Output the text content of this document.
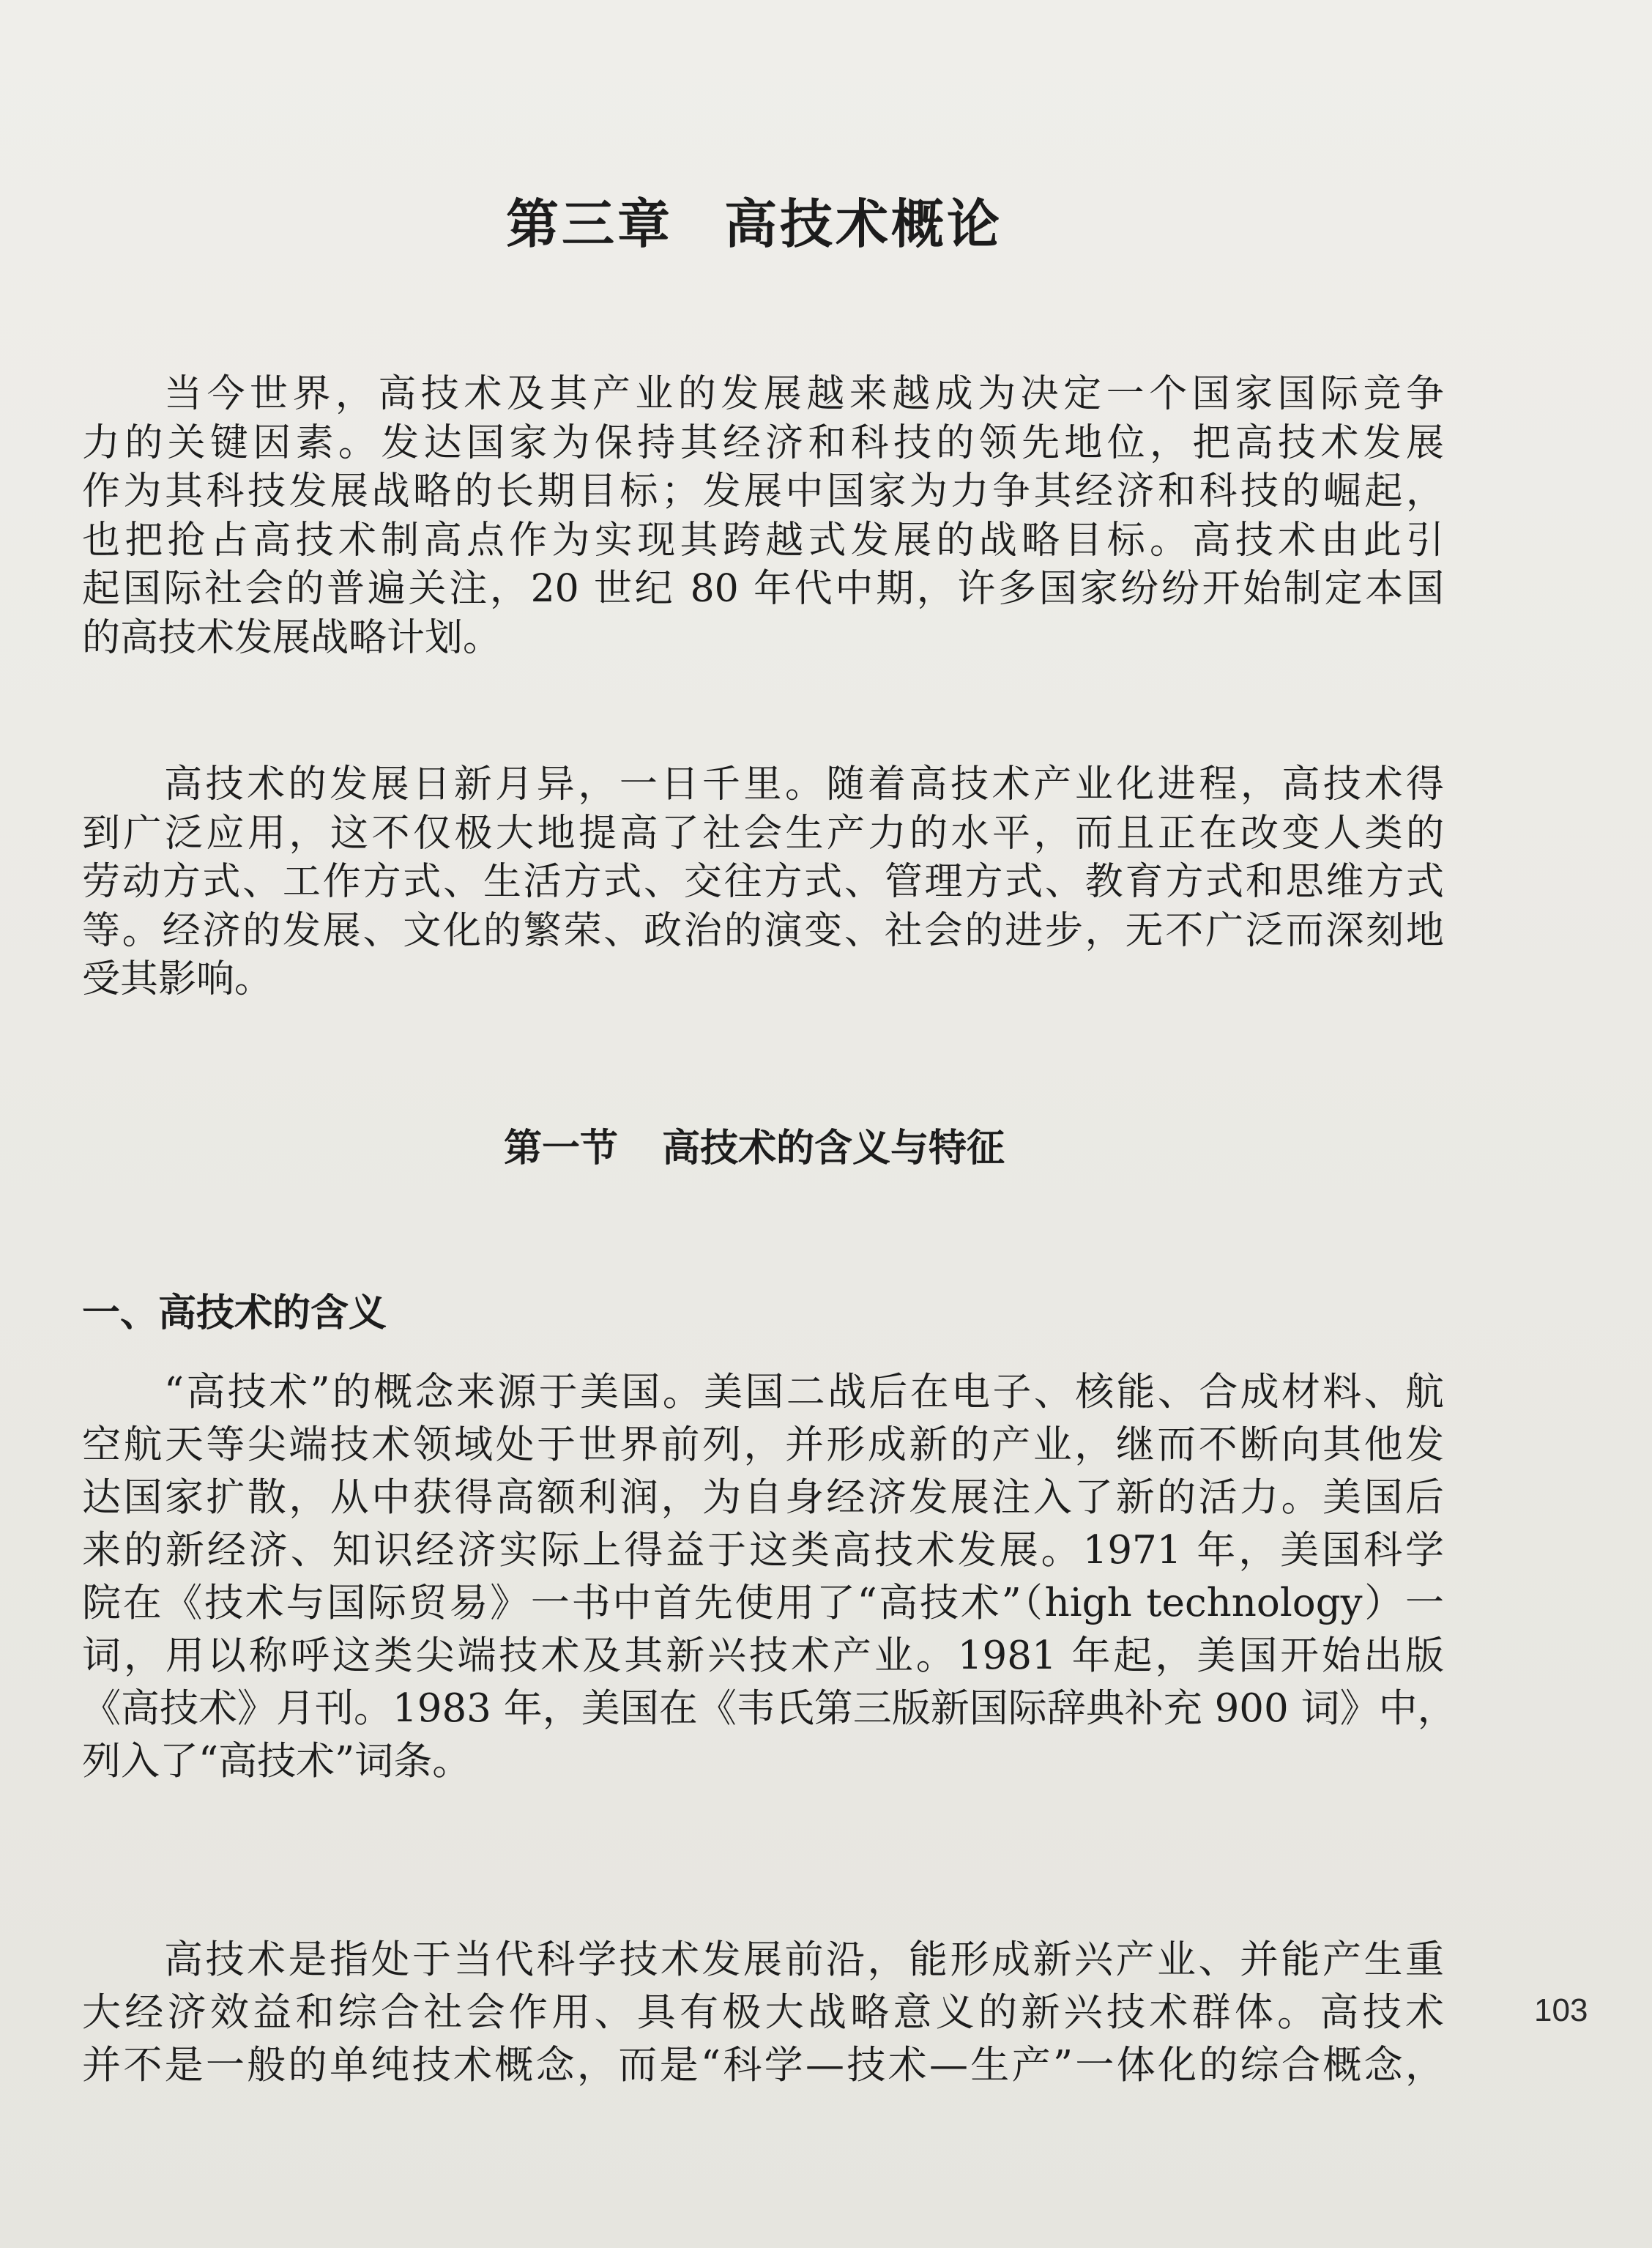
第三章 高技术概论
当今世界，高技术及其产业的发展越来越成为决定一个国家国际竞争
力的关键因素。发达国家为保持其经济和科技的领先地位，把高技术发展
作为其科技发展战略的长期目标；发展中国家为力争其经济和科技的崛起，
也把抢占高技术制高点作为实现其跨越式发展的战略目标。高技术由此引
起国际社会的普遍关注，20 世纪 80 年代中期，许多国家纷纷开始制定本国
的高技术发展战略计划。
高技术的发展日新月异，一日千里。随着高技术产业化进程，高技术得
到广泛应用，这不仅极大地提高了社会生产力的水平，而且正在改变人类的
劳动方式、工作方式、生活方式、交往方式、管理方式、教育方式和思维方式
等。经济的发展、文化的繁荣、政治的演变、社会的进步，无不广泛而深刻地
受其影响。
第一节 高技术的含义与特征
一、高技术的含义
“高技术”的概念来源于美国。美国二战后在电子、核能、合成材料、航
空航天等尖端技术领域处于世界前列，并形成新的产业，继而不断向其他发
达国家扩散，从中获得高额利润，为自身经济发展注入了新的活力。美国后
来的新经济、知识经济实际上得益于这类高技术发展。1971 年，美国科学
院在《技术与国际贸易》一书中首先使用了“高技术”（high technology）一
词，用以称呼这类尖端技术及其新兴技术产业。1981 年起，美国开始出版
《高技术》月刊。1983 年，美国在《韦氏第三版新国际辞典补充 900 词》中，
列入了“高技术”词条。
高技术是指处于当代科学技术发展前沿，能形成新兴产业、并能产生重
大经济效益和综合社会作用、具有极大战略意义的新兴技术群体。高技术
并不是一般的单纯技术概念，而是“科学—技术—生产”一体化的综合概念，
103
